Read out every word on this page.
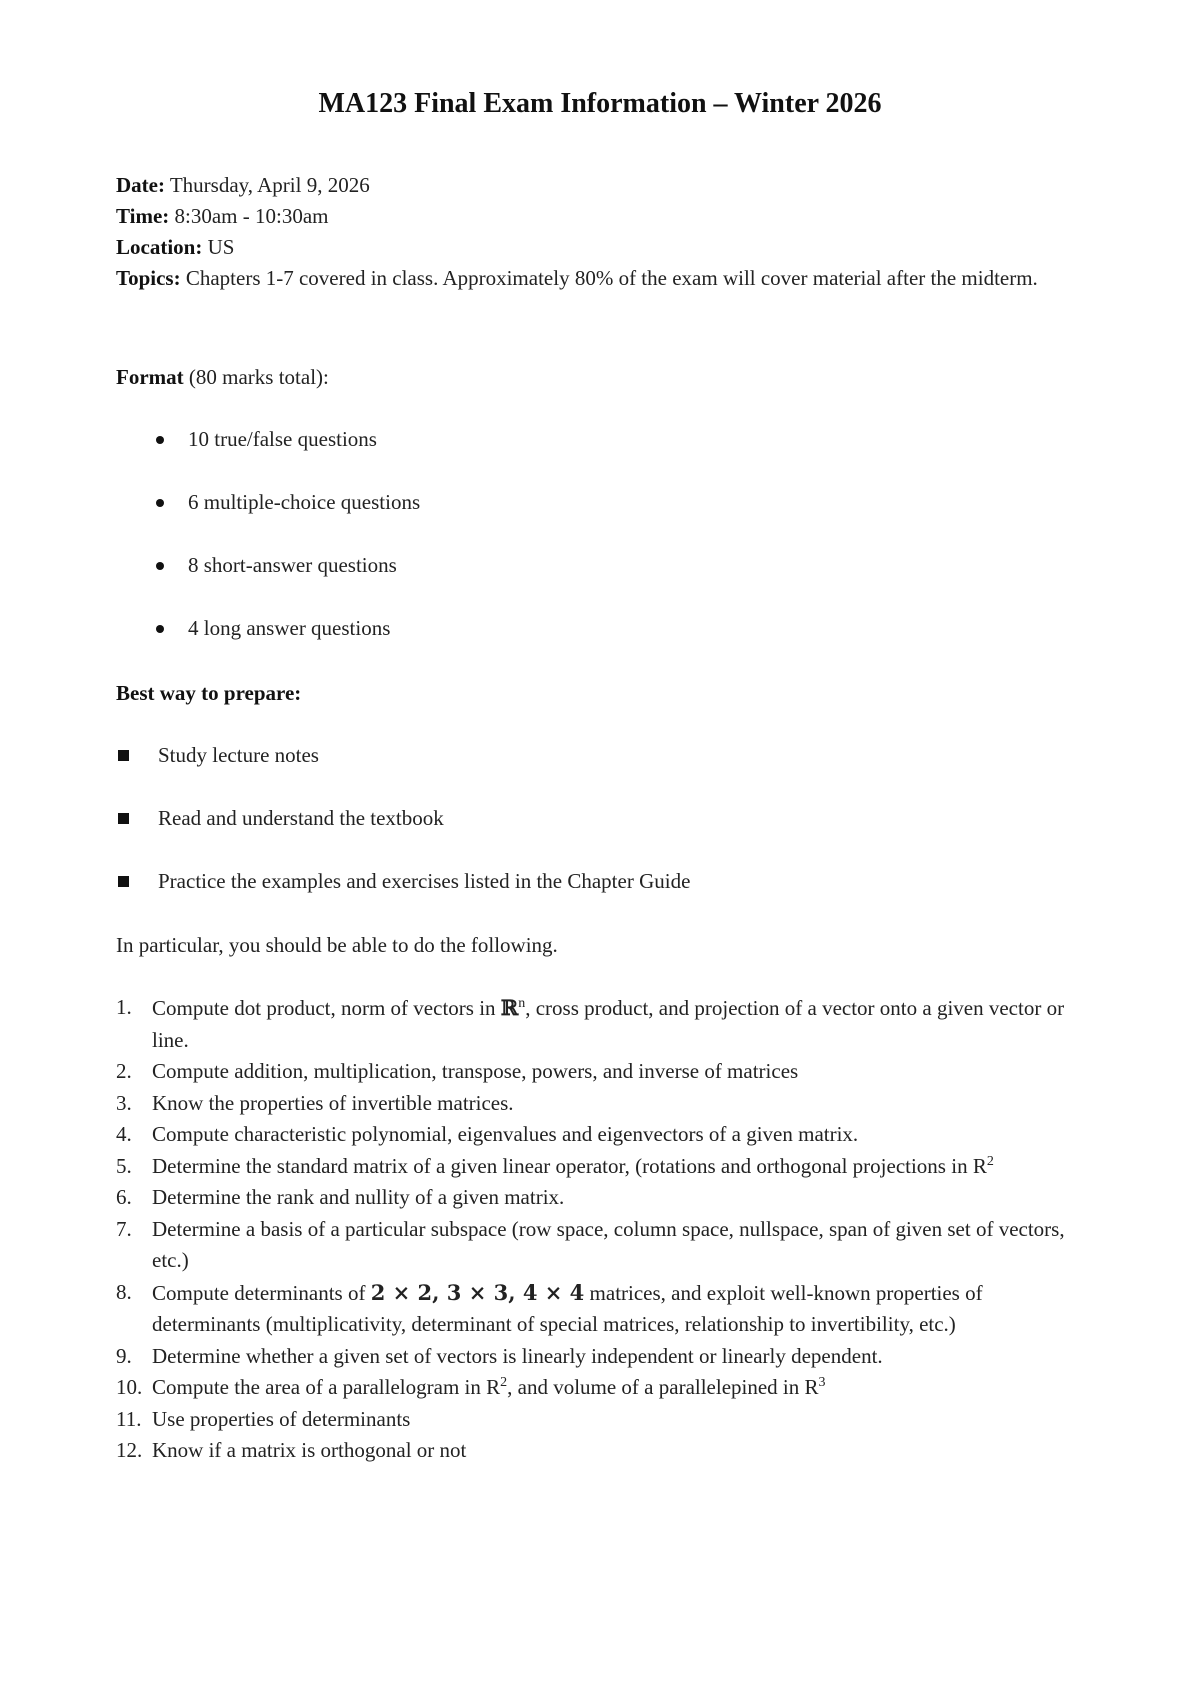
MA123 Final Exam Information – Winter 2026

Date: Thursday, April 9, 2026

Time: 8:30am - 10:30am

Location: US

Topics: Chapters 1-7 covered in class. Approximately 80% of the exam will cover material after the midterm.

Format (80 marks total):

10 true/false questions
6 multiple-choice questions
8 short-answer questions
4 long answer questions

Best way to prepare:

Study lecture notes
Read and understand the textbook
Practice the examples and exercises listed in the Chapter Guide

In particular, you should be able to do the following.

1. Compute dot product, norm of vectors in ℝ$^n$, cross product, and projection of a vector onto a given vector or line.
2. Compute addition, multiplication, transpose, powers, and inverse of matrices
3. Know the properties of invertible matrices.
4. Compute characteristic polynomial, eigenvalues and eigenvectors of a given matrix.
5. Determine the standard matrix of a given linear operator, (rotations and orthogonal projections in $R^2$
6. Determine the rank and nullity of a given matrix.
7. Determine a basis of a particular subspace (row space, column space, nullspace, span of given set of vectors, etc.)
8. Compute determinants of 2 × 2, 3 × 3, 4 × 4 matrices, and exploit well-known properties of determinants (multiplicativity, determinant of special matrices, relationship to invertibility, etc.)
9. Determine whether a given set of vectors is linearly independent or linearly dependent.
10. Compute the area of a parallelogram in $R^2$, and volume of a parallelepined in $R^3$
11. Use properties of determinants
12. Know if a matrix is orthogonal or not
